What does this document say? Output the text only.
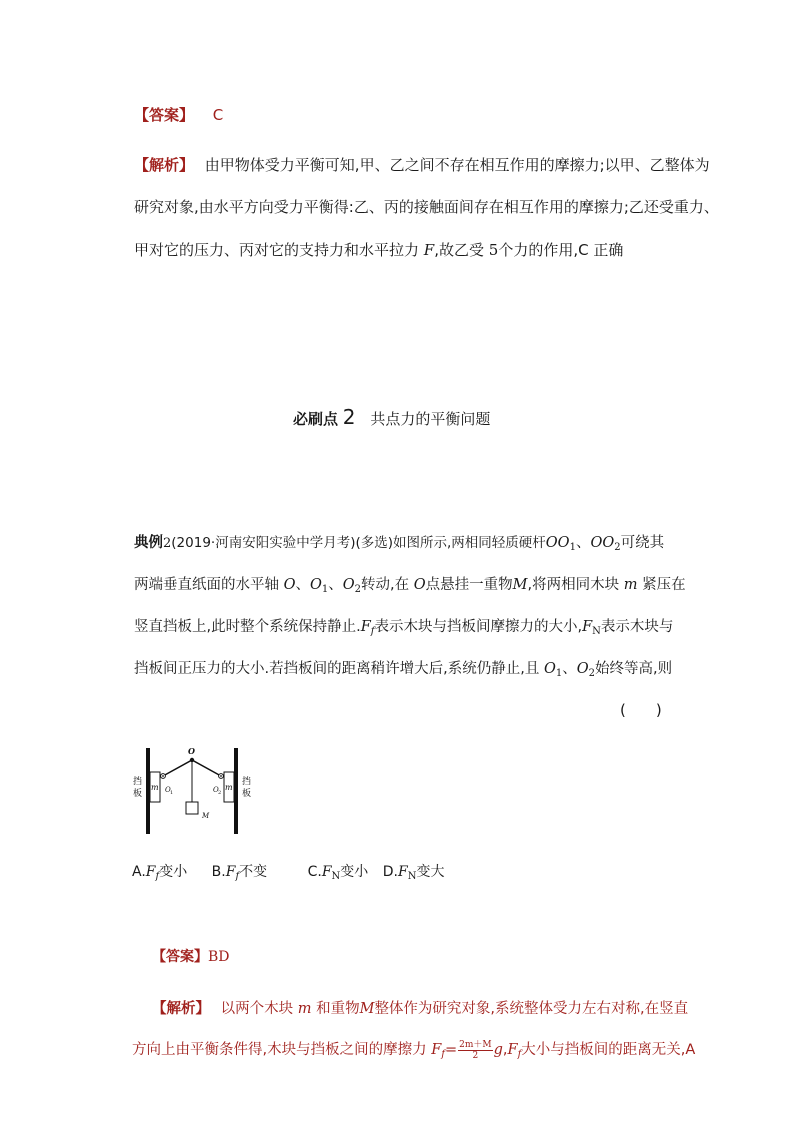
【答案】 C
【解析】 由甲物体受力平衡可知,甲、乙之间不存在相互作用的摩擦力;以甲、乙整体为
研究对象,由水平方向受力平衡得:乙、丙的接触面间存在相互作用的摩擦力;乙还受重力、
甲对它的压力、丙对它的支持力和水平拉力 F,故乙受 5个力的作用,C 正确
必刷点 2 共点力的平衡问题
典例2(2019·河南安阳实验中学月考)(多选)如图所示,两相同轻质硬杆$OO_1$、$OO_2$可绕其
两端垂直纸面的水平轴 O、$O_1$、$O_2$转动,在 O点悬挂一重物M,将两相同木块 m 紧压在
竖直挡板上,此时整个系统保持静止$.F_f$表示木块与挡板间摩擦力的大小$,F_N$表示木块与
挡板间正压力的大小.若挡板间的距离稍许增大后,系统仍静止,且 $O_1$、$O_2$始终等高,则
(　　)
挡
板
挡
板
m	m
O
O 1	O 2
M
$A.F_f$变小 $B.F_f$不变	$C.F_N$变小 $D.F_N$变大
【答案】BD
【解析】 以两个木块 m 和重物M整体作为研究对象,系统整体受力左右对称,在竖直
方向上由平衡条件得,木块与挡板之间的摩擦力 $F_f= \frac{2m+M}{2} g,F_f$大小与挡板间的距离无关,A
